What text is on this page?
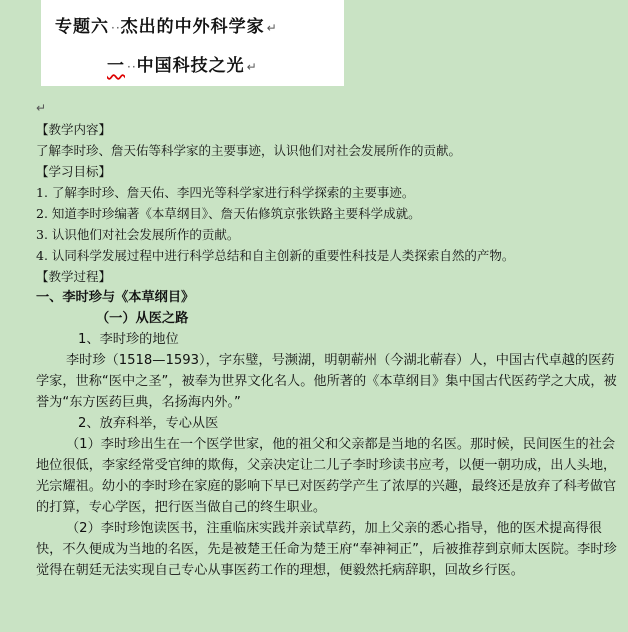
专题六 ··杰出的中外科学家 ↵
一 ··中国科技之光 ↵

↵

【教学内容】

了解李时珍、詹天佑等科学家的主要事迹，认识他们对社会发展所作的贡献。

【学习目标】

1. 了解李时珍、詹天佑、李四光等科学家进行科学探索的主要事迹。

2. 知道李时珍编著《本草纲目》、詹天佑修筑京张铁路主要科学成就。

3. 认识他们对社会发展所作的贡献。

4. 认同科学发展过程中进行科学总结和自主创新的重要性科技是人类探索自然的产物。

【教学过程】

一、李时珍与《本草纲目》

（一）从医之路

1、李时珍的地位

李时珍（1518—1593），字东璧，号濒湖，明朝蕲州（今湖北蕲春）人，中国古代卓越的医药学家，世称“医中之圣”，被奉为世界文化名人。他所著的《本草纲目》集中国古代医药学之大成，被誉为“东方医药巨典，名扬海内外。”

2、放弃科举，专心从医

（1）李时珍出生在一个医学世家，他的祖父和父亲都是当地的名医。那时候，民间医生的社会地位很低，李家经常受官绅的欺侮，父亲决定让二儿子李时珍读书应考，以便一朝功成，出人头地，光宗耀祖。幼小的李时珍在家庭的影响下早已对医药学产生了浓厚的兴趣，最终还是放弃了科考做官的打算，专心学医，把行医当做自己的终生职业。

（2）李时珍饱读医书，注重临床实践并亲试草药，加上父亲的悉心指导，他的医术提高得很快，不久便成为当地的名医，先是被楚王任命为楚王府“奉神祠正”，后被推荐到京师太医院。李时珍觉得在朝廷无法实现自己专心从事医药工作的理想，便毅然托病辞职，回故乡行医。
